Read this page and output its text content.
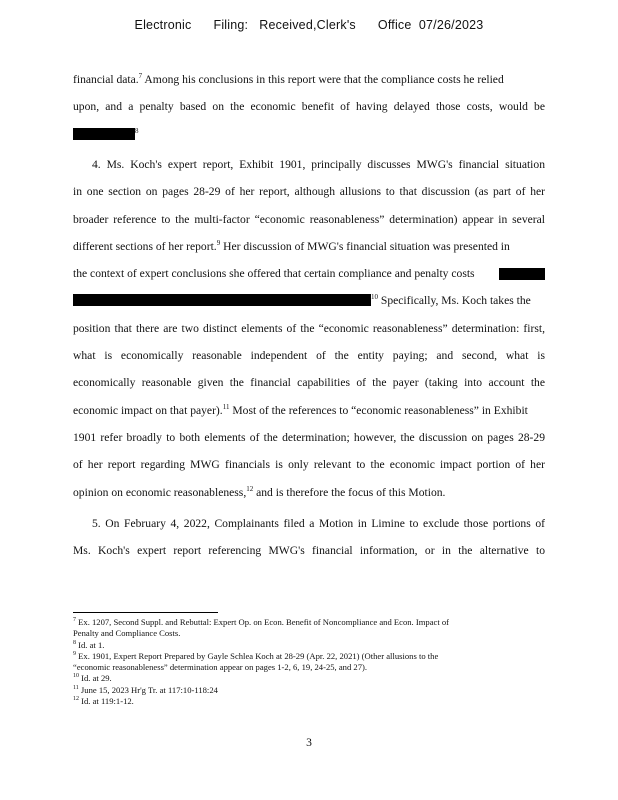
Electronic Filing: Received,Clerk's Office  07/26/2023
financial data.$^7$ Among his conclusions in this report were that the compliance costs he relied
upon, and a penalty based on the economic benefit of having delayed those costs, would be
$^8$
4. Ms. Koch's expert report, Exhibit 1901, principally discusses MWG's financial situation
in one section on pages 28-29 of her report, although allusions to that discussion (as part of her
broader reference to the multi-factor “economic reasonableness” determination) appear in several
different sections of her report.$^9$ Her discussion of MWG's financial situation was presented in
the context of expert conclusions she offered that certain compliance and penalty costs
$^{10}$ Specifically, Ms. Koch takes the
position that there are two distinct elements of the “economic reasonableness” determination: first,
what is economically reasonable independent of the entity paying; and second, what is
economically reasonable given the financial capabilities of the payer (taking into account the
economic impact on that payer).$^{11}$ Most of the references to “economic reasonableness” in Exhibit
1901 refer broadly to both elements of the determination; however, the discussion on pages 28-29
of her report regarding MWG financials is only relevant to the economic impact portion of her
opinion on economic reasonableness,$^{12}$ and is therefore the focus of this Motion.
5. On February 4, 2022, Complainants filed a Motion in Limine to exclude those portions of
Ms. Koch's expert report referencing MWG's financial information, or in the alternative to
$^7$ Ex. 1207, Second Suppl. and Rebuttal: Expert Op. on Econ. Benefit of Noncompliance and Econ. Impact of
Penalty and Compliance Costs.
$^8$ Id. at 1.
$^9$ Ex. 1901, Expert Report Prepared by Gayle Schlea Koch at 28-29 (Apr. 22, 2021) (Other allusions to the
“economic reasonableness” determination appear on pages 1-2, 6, 19, 24-25, and 27).
$^{10}$ Id. at 29.
$^{11}$ June 15, 2023 Hr'g Tr. at 117:10-118:24
$^{12}$ Id. at 119:1-12.
3
